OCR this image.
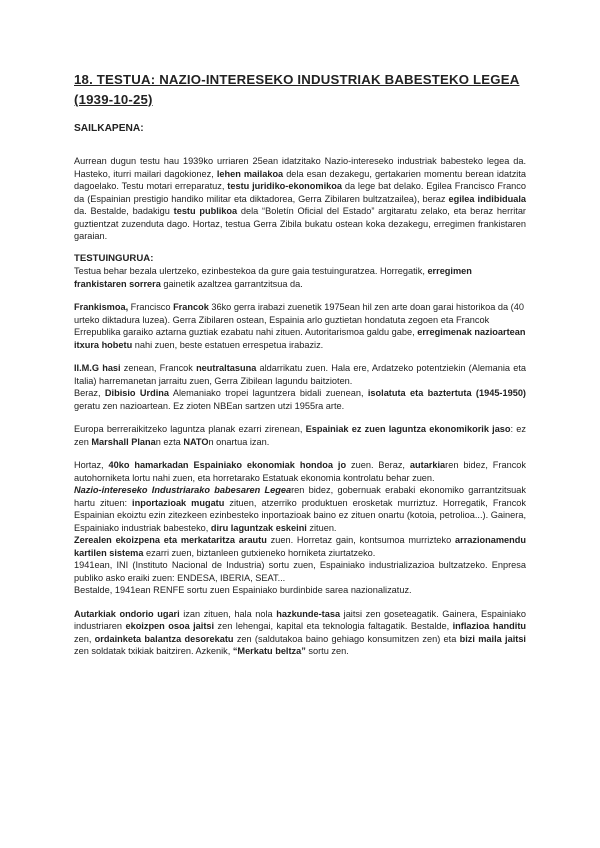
18. TESTUA: NAZIO-INTERESEKO INDUSTRIAK BABESTEKO LEGEA (1939-10-25)
SAILKAPENA:

Aurrean dugun testu hau 1939ko urriaren 25ean idatzitako Nazio-intereseko industriak babesteko legea da. Hasteko, iturri mailari dagokionez, lehen mailakoa dela esan dezakegu, gertakarien momentu berean idatzita dagoelako. Testu motari erreparatuz, testu juridiko-ekonomikoa da lege bat delako. Egilea Francisco Franco da (Espainian prestigio handiko militar eta diktadorea, Gerra Zibilaren bultzatzailea), beraz egilea indibiduala da. Bestalde, badakigu testu publikoa dela “Boletín Oficial del Estado” argitaratu zelako, eta beraz herritar guztientzat zuzenduta dago. Hortaz, testua Gerra Zibila bukatu ostean koka dezakegu, erregimen frankistaren garaian.

TESTUINGURUA:

Testua behar bezala ulertzeko, ezinbestekoa da gure gaia testuinguratzea. Horregatik, erregimen frankistaren sorrera gainetik azaltzea garrantzitsua da.

Frankismoa, Francisco Francok 36ko gerra irabazi zuenetik 1975ean hil zen arte doan garai historikoa da (40 urteko diktadura luzea). Gerra Zibilaren ostean, Espainia arlo guztietan hondatuta zegoen eta Francok Errepublika garaiko aztarna guztiak ezabatu nahi zituen. Autoritarismoa galdu gabe, erregimenak nazioartean itxura hobetu nahi zuen, beste estatuen errespetua irabaziz.

II.M.G hasi zenean, Francok neutraltasuna aldarrikatu zuen. Hala ere, Ardatzeko potentziekin (Alemania eta Italia) harremanetan jarraitu zuen, Gerra Zibilean lagundu baitzioten.

Beraz, Dibisio Urdina Alemaniako tropei laguntzera bidali zuenean, isolatuta eta baztertuta (1945-1950) geratu zen nazioartean. Ez zioten NBEan sartzen utzi 1955ra arte.

Europa berreraikitzeko laguntza planak ezarri zirenean, Espainiak ez zuen laguntza ekonomikorik jaso: ez zen Marshall Planan ezta NATOn onartua izan.

Hortaz, 40ko hamarkadan Espainiako ekonomiak hondoa jo zuen. Beraz, autarkiaren bidez, Francok autohorniketa lortu nahi zuen, eta horretarako Estatuak ekonomia kontrolatu behar zuen.

Nazio-intereseko Industriarako babesaren Legearen bidez, gobernuak erabaki ekonomiko garrantzitsuak hartu zituen: inportazioak mugatu zituen, atzerriko produktuen erosketak murriztuz. Horregatik, Francok Espainian ekoiztu ezin zitezkeen ezinbesteko inportazioak baino ez zituen onartu (kotoia, petrolioa...). Gainera, Espainiako industriak babesteko, diru laguntzak eskeini zituen.

Zerealen ekoizpena eta merkataritza arautu zuen. Horretaz gain, kontsumoa murrizteko arrazionamendu kartilen sistema ezarri zuen, biztanleen gutxieneko horniketa ziurtatzeko.

1941ean, INI (Instituto Nacional de Industria) sortu zuen, Espainiako industrializazioa bultzatzeko. Enpresa publiko asko eraiki zuen: ENDESA, IBERIA, SEAT...

Bestalde, 1941ean RENFE sortu zuen Espainiako burdinbide sarea nazionalizatuz.

Autarkiak ondorio ugari izan zituen, hala nola hazkunde-tasa jaitsi zen goseteagatik. Gainera, Espainiako industriaren ekoizpen osoa jaitsi zen lehengai, kapital eta teknologia faltagatik. Bestalde, inflazioa handitu zen, ordainketa balantza desorekatu zen (saldutakoa baino gehiago konsumitzen zen) eta bizi maila jaitsi zen soldatak txikiak baitziren. Azkenik, “Merkatu beltza” sortu zen.
